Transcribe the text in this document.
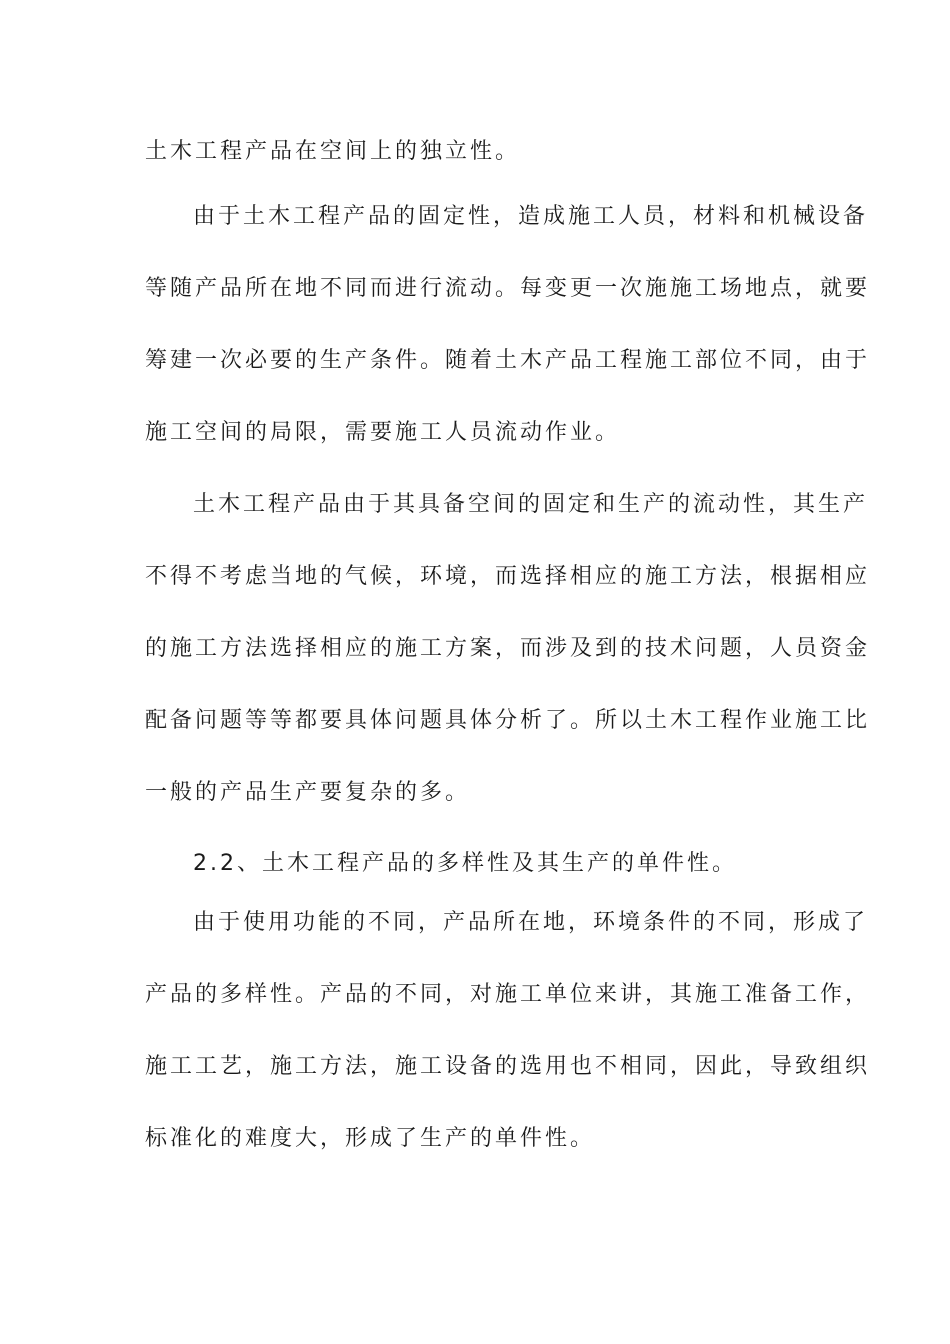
土木工程产品在空间上的独立性。
由于土木工程产品的固定性，造成施工人员，材料和机械设备
等随产品所在地不同而进行流动。每变更一次施施工场地点，就要
筹建一次必要的生产条件。随着土木产品工程施工部位不同，由于
施工空间的局限，需要施工人员流动作业。
土木工程产品由于其具备空间的固定和生产的流动性，其生产
不得不考虑当地的气候，环境，而选择相应的施工方法，根据相应
的施工方法选择相应的施工方案，而涉及到的技术问题，人员资金
配备问题等等都要具体问题具体分析了。所以土木工程作业施工比
一般的产品生产要复杂的多。
2.2、土木工程产品的多样性及其生产的单件性。
由于使用功能的不同，产品所在地，环境条件的不同，形成了
产品的多样性。产品的不同，对施工单位来讲，其施工准备工作，
施工工艺，施工方法，施工设备的选用也不相同，因此，导致组织
标准化的难度大，形成了生产的单件性。
